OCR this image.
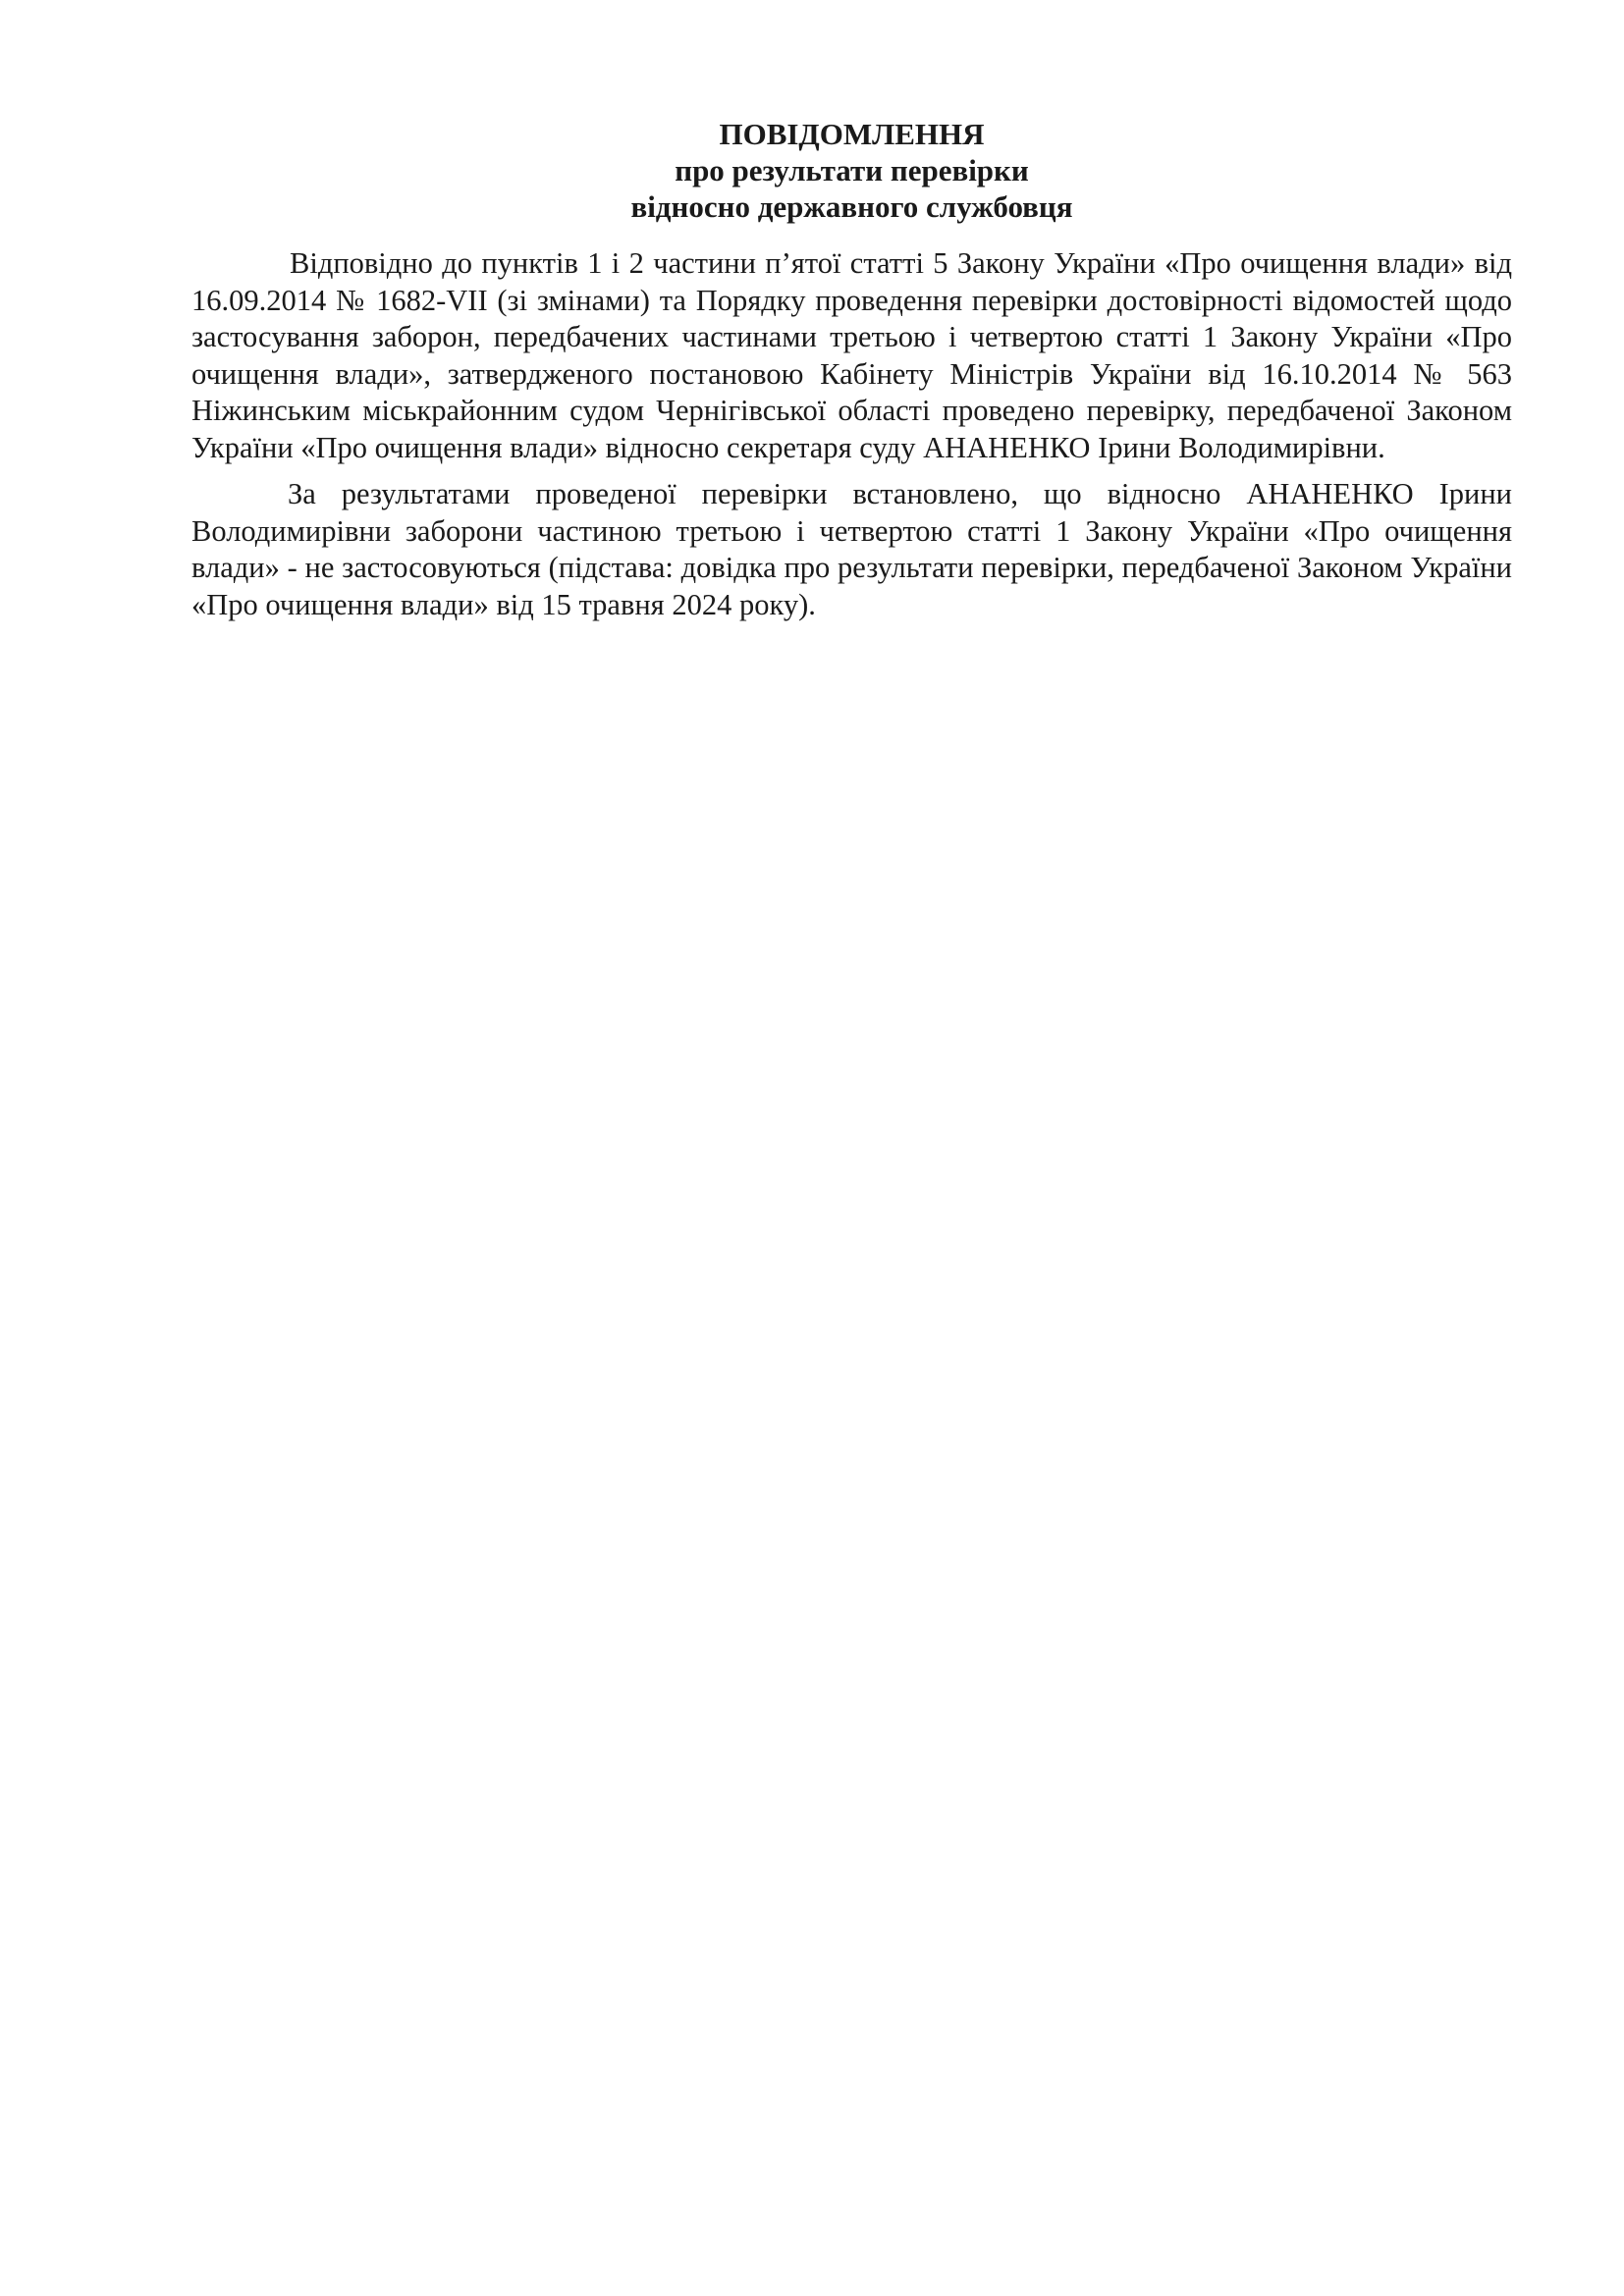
ПОВІДОМЛЕННЯ
про результати перевірки
відносно державного службовця

Відповідно до пунктів 1 і 2 частини п’ятої статті 5 Закону України «Про очищення влади» від 16.09.2014 № 1682-VII (зі змінами) та Порядку проведення перевірки достовірності відомостей щодо застосування заборон, передбачених частинами третьою і четвертою статті 1 Закону України «Про очищення влади», затвердженого постановою Кабінету Міністрів України від 16.10.2014 № 563 Ніжинським міськрайонним судом Чернігівської області проведено перевірку, передбаченої Законом України «Про очищення влади» відносно секретаря суду АНАНЕНКО Ірини Володимирівни.

За результатами проведеної перевірки встановлено, що відносно АНАНЕНКО Ірини Володимирівни заборони частиною третьою і четвертою статті 1 Закону України «Про очищення влади» - не застосовуються (підстава: довідка про результати перевірки, передбаченої Законом України «Про очищення влади» від 15 травня 2024 року).
